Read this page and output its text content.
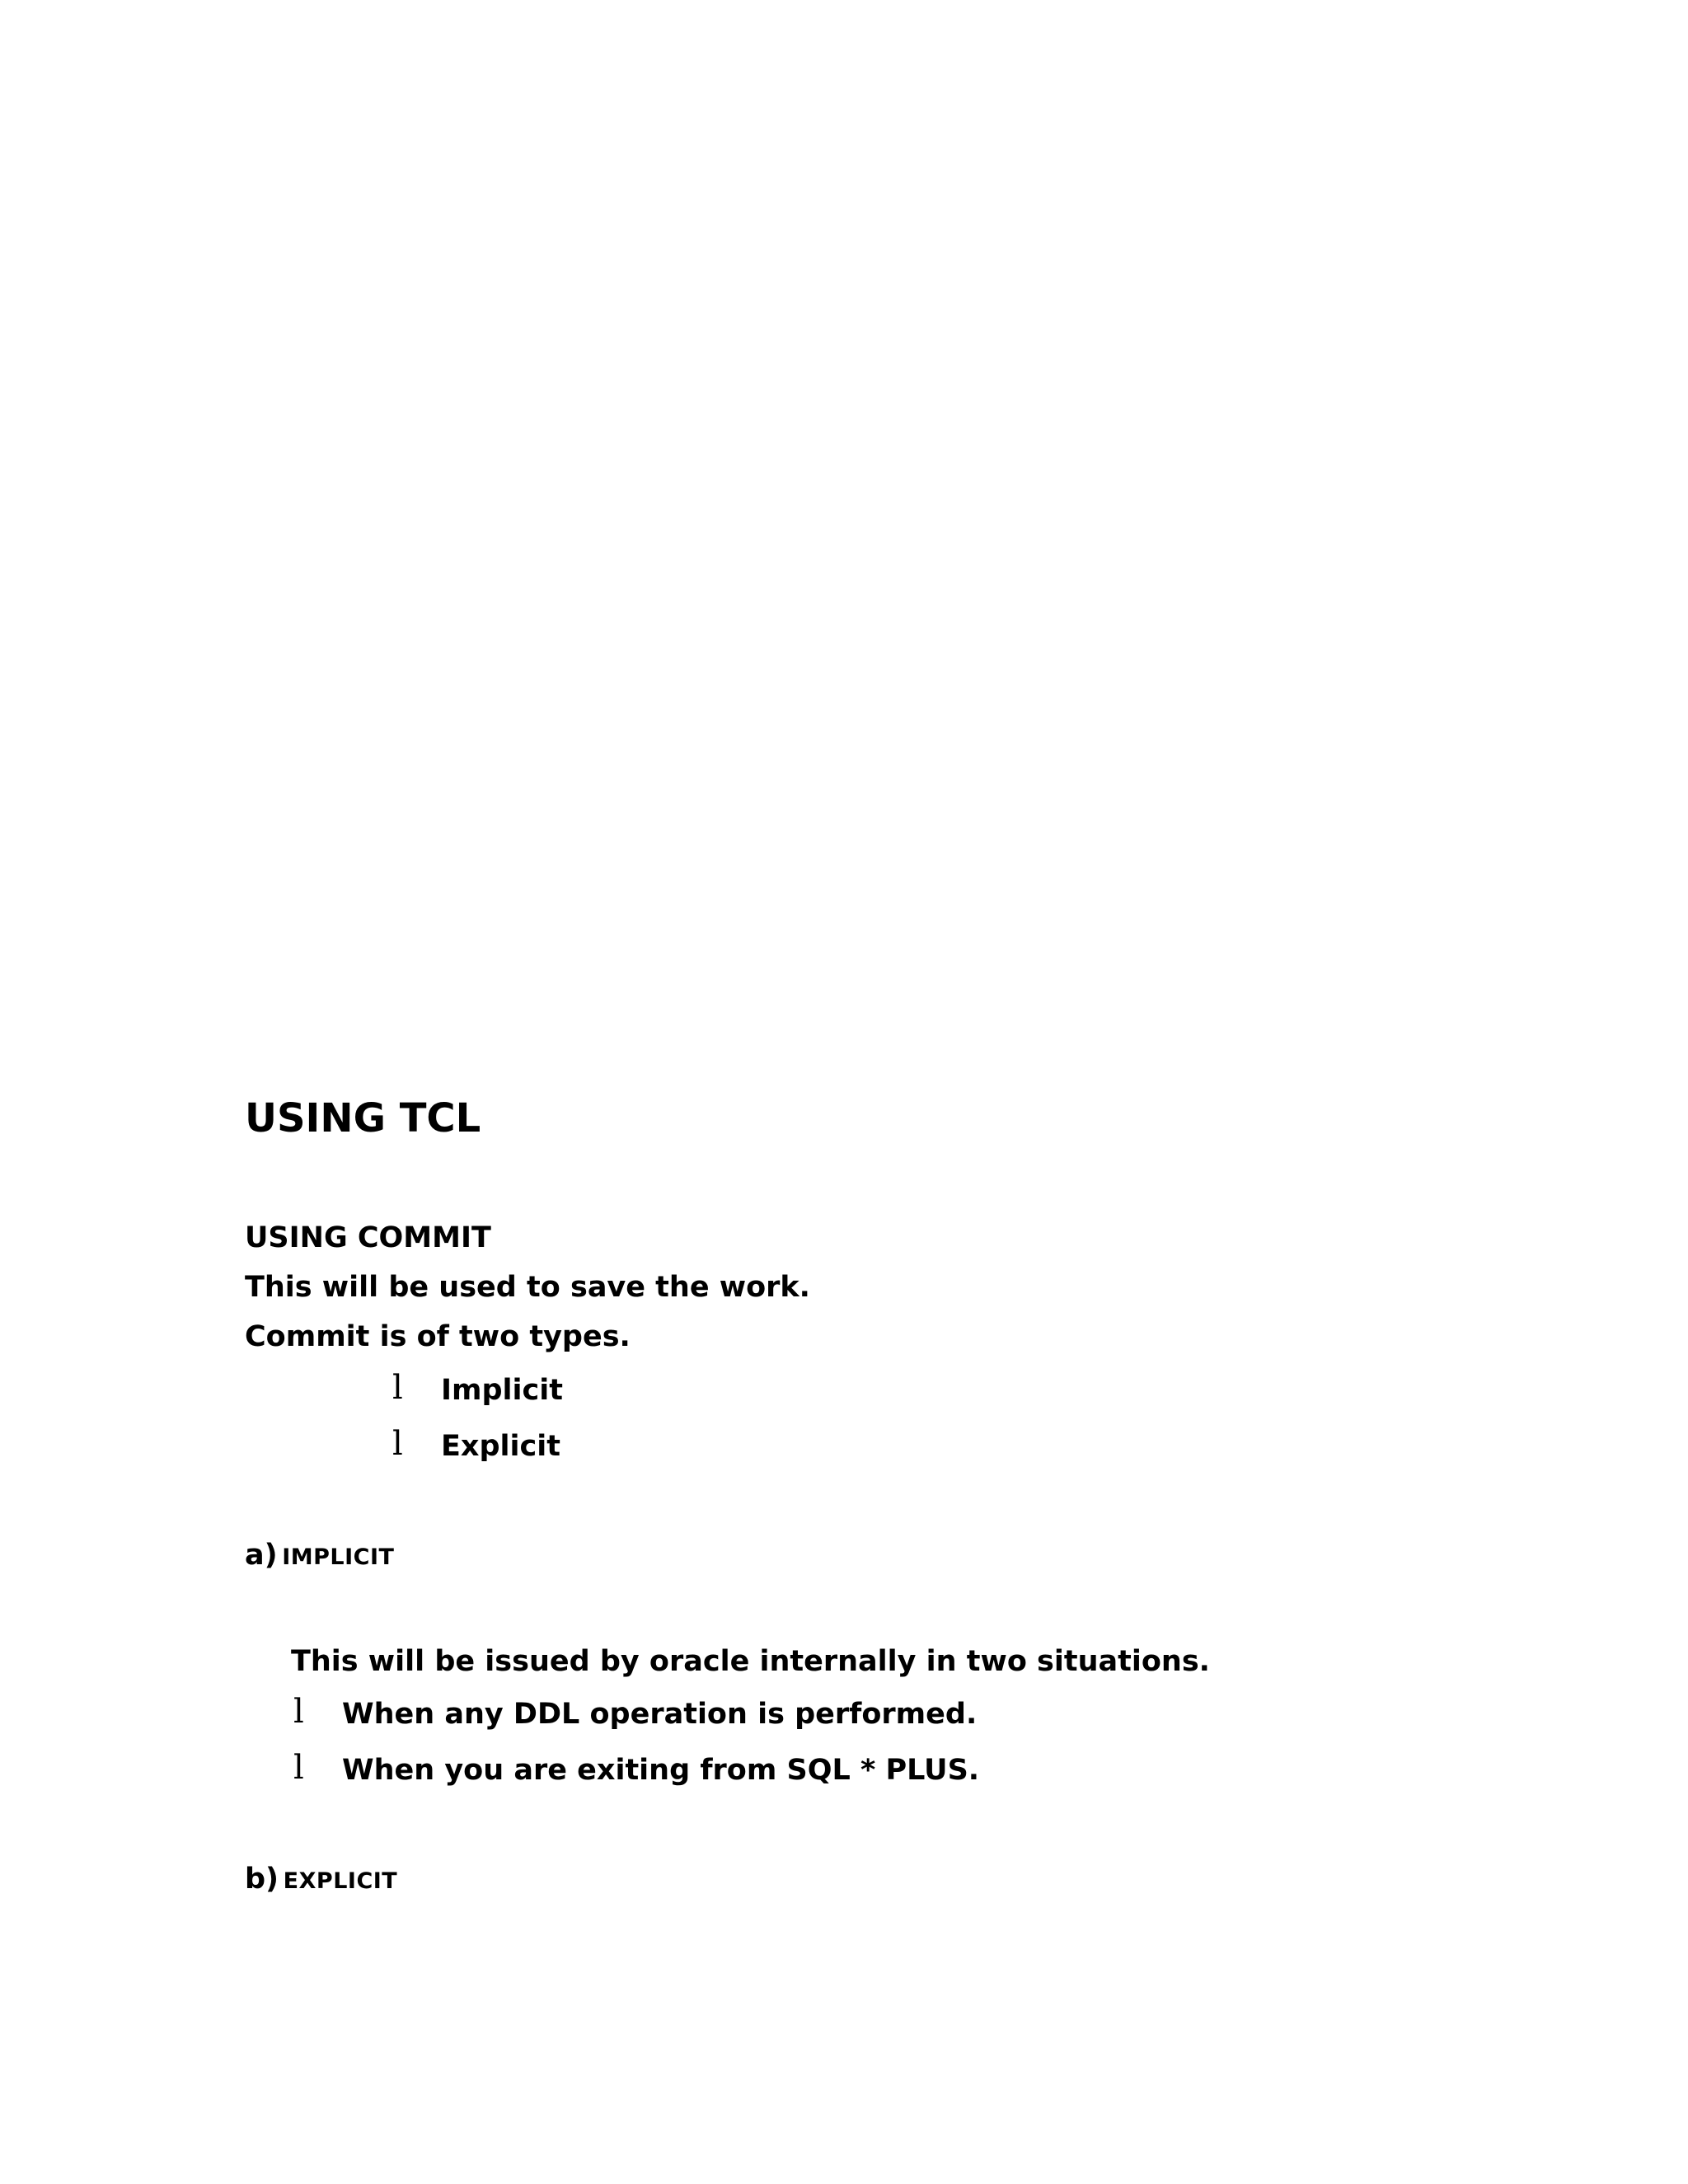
USING TCL
USING COMMIT
This will be used to save the work.
Commit is of two types.
l Implicit
l Explicit
a) IMPLICIT
This will be issued by oracle internally in two situations.
l When any DDL operation is performed.
l When you are exiting from SQL * PLUS.
b) EXPLICIT
